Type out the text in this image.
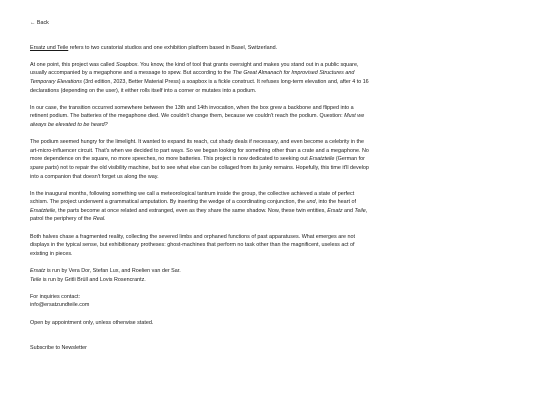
← Back

Ersatz und Teile refers to two curatorial studios and one exhibition platform based in Basel, Switzerland.

At one point, this project was called Soapbox. You know, the kind of tool that grants oversight and makes you stand out in a public square, usually accompanied by a megaphone and a message to spew. But according to the The Great Almanach for Improvised Structures and Temporary Elevations (3rd edition, 2023, Better Material Press) a soapbox is a fickle construct. It refuses long-term elevation and, after 4 to 16 declarations (depending on the user), it either rolls itself into a corner or mutates into a podium.

In our case, the transition occurred somewhere between the 13th and 14th invocation, when the box grew a backbone and flipped into a retinent podium. The batteries of the megaphone died. We couldn't change them, because we couldn't reach the podium. Question: Must we always be elevated to be heard?

The podium seemed hungry for the limelight. It wanted to expand its reach, cut shady deals if necessary, and even become a celebrity in the art-micro-influencer circuit. That's when we decided to part ways. So we began looking for something other than a crate and a megaphone. No more dependence on the square, no more speeches, no more batteries. This project is now dedicated to seeking out Ersatzteile (German for spare parts) not to repair the old visibility machine, but to see what else can be collaged from its junky remains. Hopefully, this time it'll develop into a companion that doesn't forget us along the way.

In the inaugural months, following something we call a meteorological tantrum inside the group, the collective achieved a state of perfect schism. The project underwent a grammatical amputation. By inserting the wedge of a coordinating conjunction, the und, into the heart of Ersatzteile, the parts become at once related and estranged, even as they share the same shadow. Now, these twin entities, Ersatz and Teile, patrol the periphery of the Real.

Both halves chase a fragmented reality, collecting the severed limbs and orphaned functions of past apparatuses. What emerges are not displays in the typical sense, but exhibitionary protheses: ghost-machines that perform no task other than the magnificent, useless act of existing in pieces.

Ersatz is run by Vera Dor, Stefan Lux, and Roelien van der Sar.
Teile is run by Gritli Brüll and Lovis Rosencrantz.

For inquiries contact:

info@ersatzundteile.com

Open by appointment only, unless otherwise stated.

Subscribe to Newsletter
